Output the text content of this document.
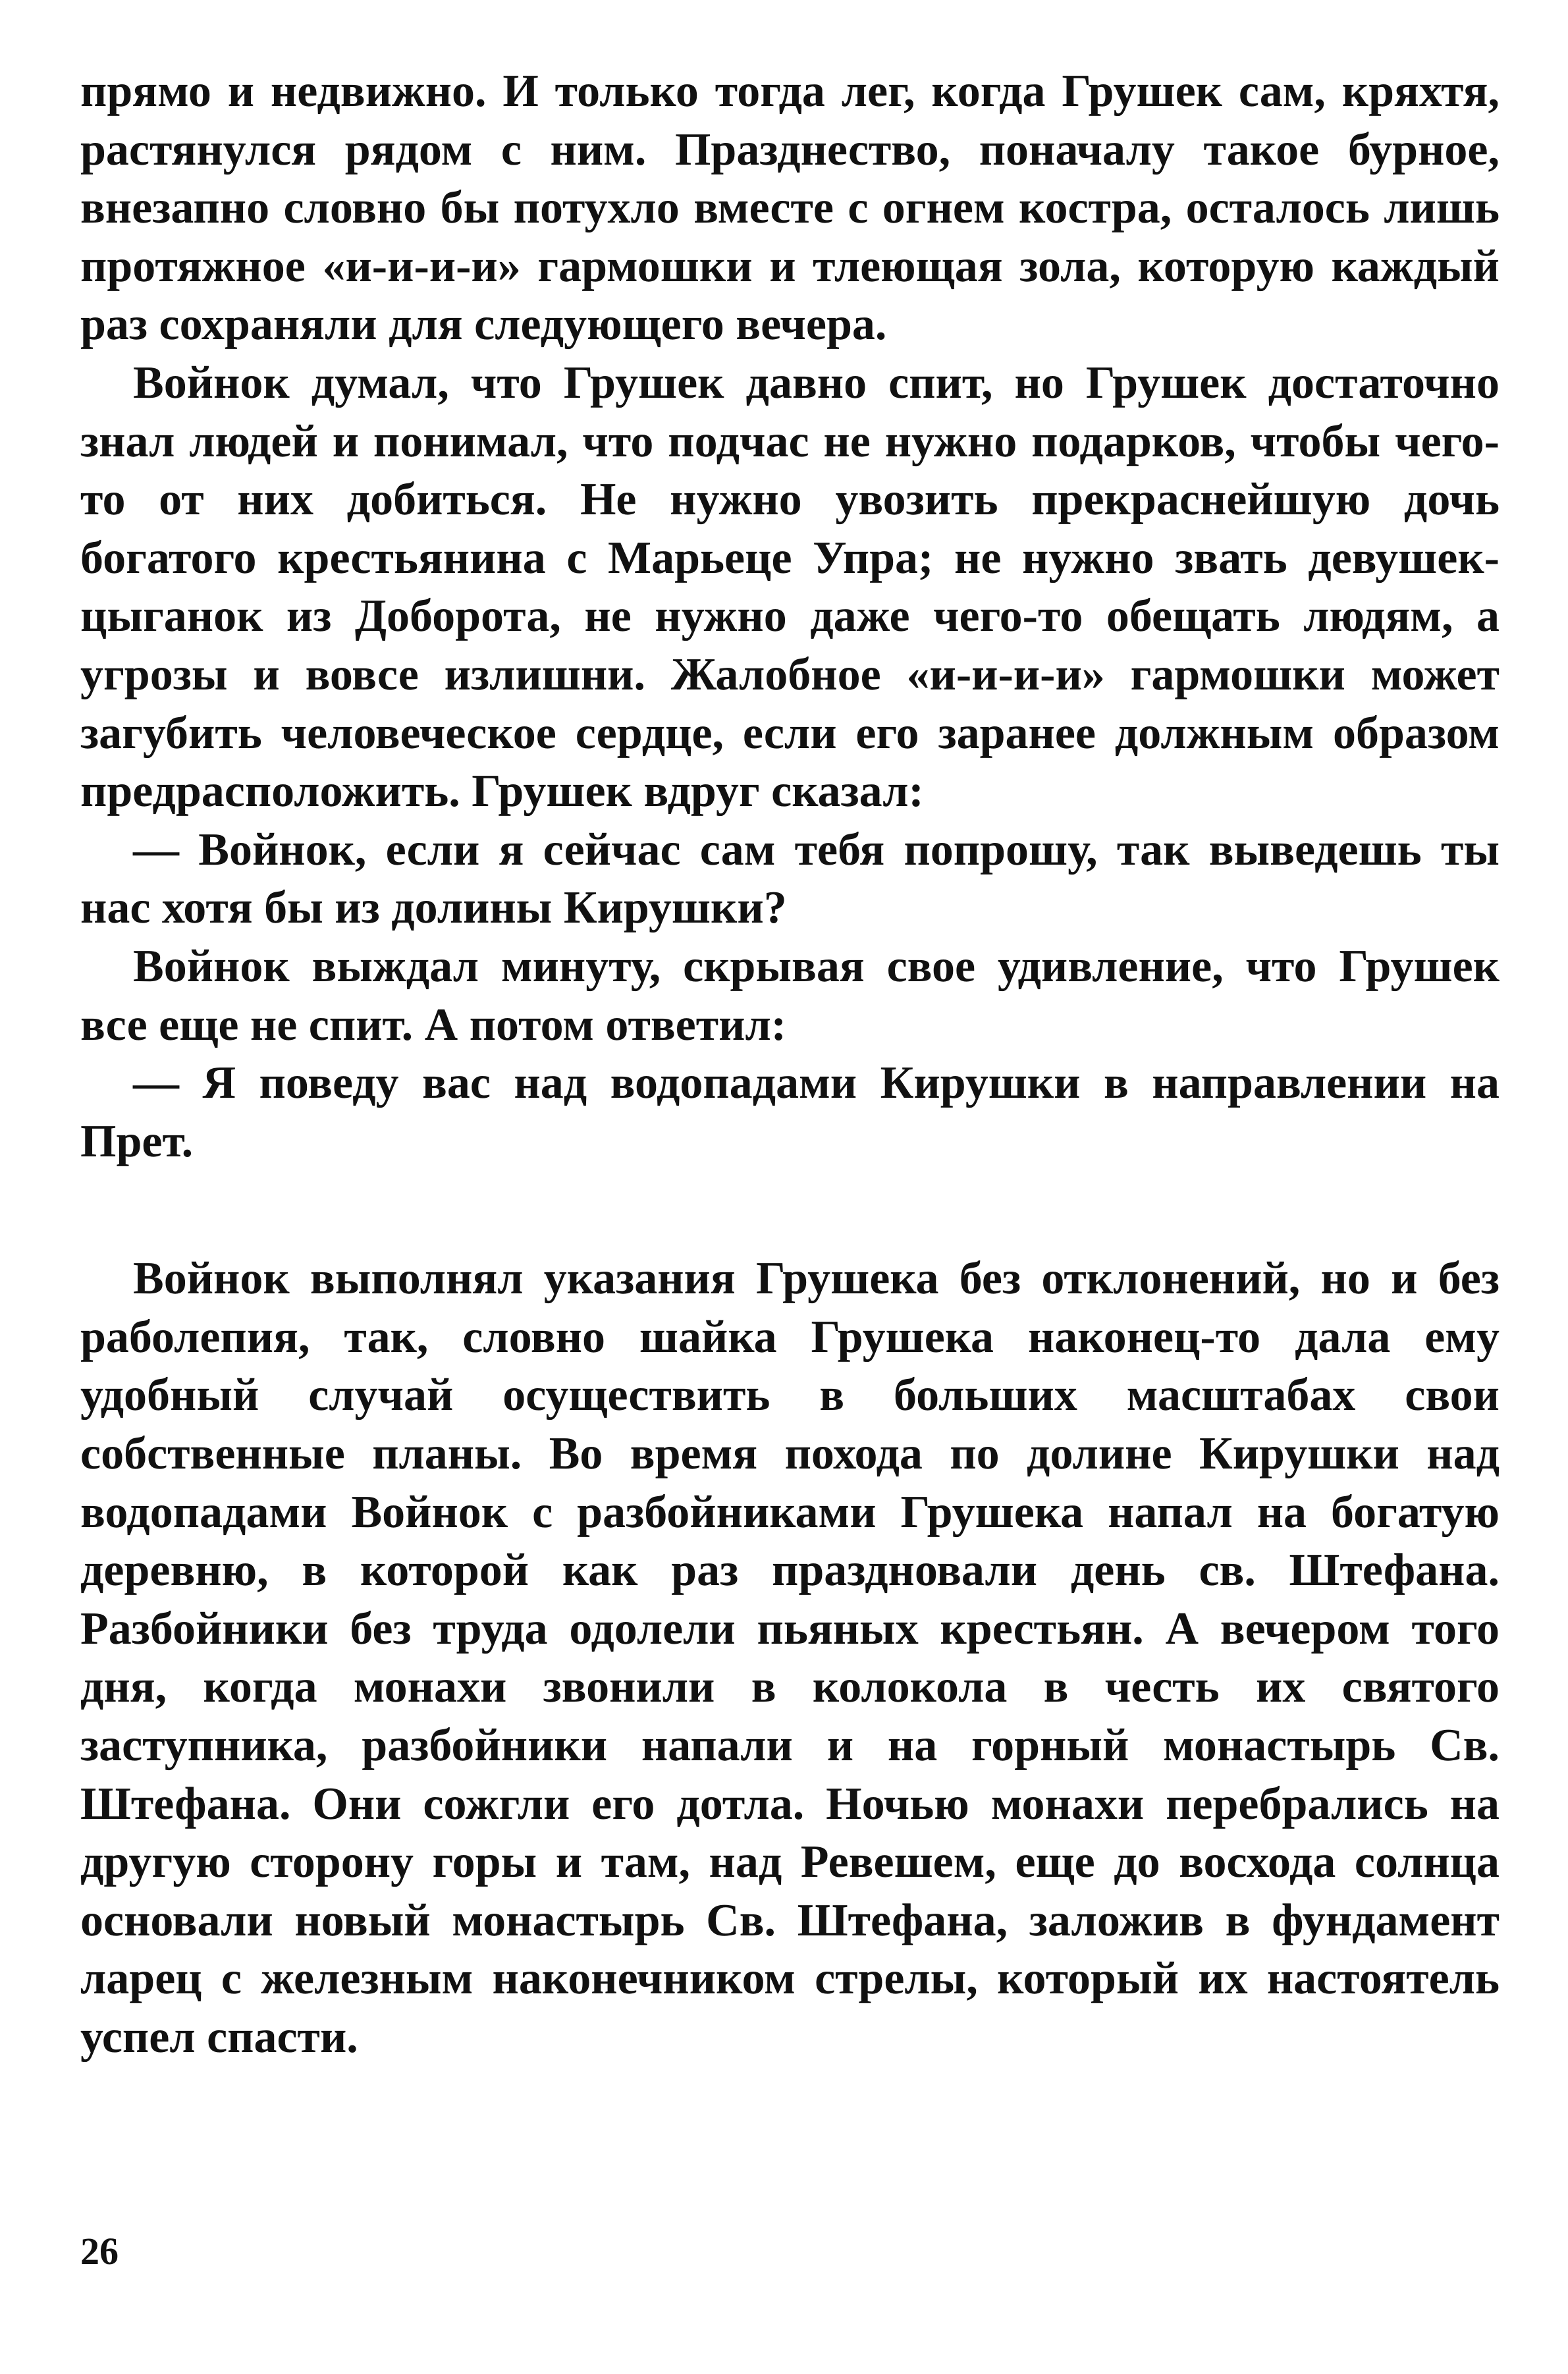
прямо и недвижно. И только тогда лег, когда Грушек сам, кряхтя, растянулся рядом с ним. Празднество, поначалу такое бурное, внезапно словно бы потухло вместе с огнем костра, осталось лишь протяжное «и-и-и-и» гармошки и тлеющая зола, которую каждый раз сохраняли для следующего вечера.

Войнок думал, что Грушек давно спит, но Грушек достаточно знал людей и понимал, что подчас не нужно подарков, чтобы чего-то от них добиться. Не нужно увозить прекраснейшую дочь богатого крестьянина с Марьеце Упра; не нужно звать девушек-цыганок из Доборота, не нужно даже чего-то обещать людям, а угрозы и вовсе излишни. Жалобное «и-и-и-и» гармошки может загубить человеческое сердце, если его заранее должным образом предрасположить. Грушек вдруг сказал:

— Войнок, если я сейчас сам тебя попрошу, так выведешь ты нас хотя бы из долины Кирушки?

Войнок выждал минуту, скрывая свое удивление, что Грушек все еще не спит. А потом ответил:

— Я поведу вас над водопадами Кирушки в направлении на Прет.

Войнок выполнял указания Грушека без отклонений, но и без раболепия, так, словно шайка Грушека наконец-то дала ему удобный случай осуществить в больших масштабах свои собственные планы. Во время похода по долине Кирушки над водопадами Войнок с разбойниками Грушека напал на богатую деревню, в которой как раз праздновали день св. Штефана. Разбойники без труда одолели пьяных крестьян. А вечером того дня, когда монахи звонили в колокола в честь их святого заступника, разбойники напали и на горный монастырь Св. Штефана. Они сожгли его дотла. Ночью монахи перебрались на другую сторону горы и там, над Ревешем, еще до восхода солнца основали новый монастырь Св. Штефана, заложив в фундамент ларец с железным наконечником стрелы, который их настоятель успел спасти.

26
